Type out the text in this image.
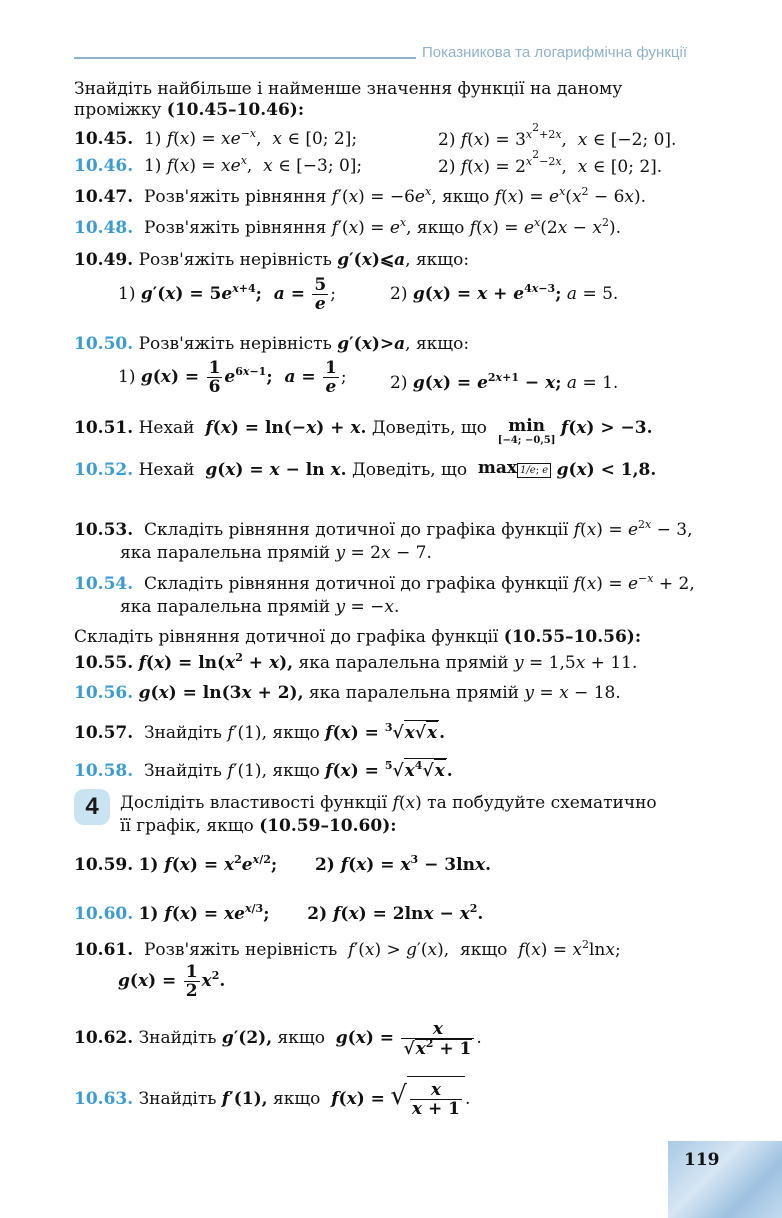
Показникова та логарифмічна функції
Знайдіть найбільше і найменше значення функції на даному проміжку (10.45–10.46):
10.45.  1) $f(x) = xe^{-x}$,  x ∈ [0; 2];	2) $f(x) = 3^{x^2+2x}$,  x ∈ [−2; 0].
10.46.  1) $f(x) = xe^x$,  x ∈ [−3; 0];	2) $f(x) = 2^{x^2-2x}$,  x ∈ [0; 2].
10.47. Розв'яжіть рівняння $f'(x) = -6e^x$, якщо $f(x) = e^x(x^2 - 6x)$.
10.48. Розв'яжіть рівняння $f'(x) = e^x$, якщо $f(x) = e^x(2x - x^2)$.
10.49. Розв'яжіть нерівність g′(x)⩽a, якщо:
1) $g'(x) = 5e^{x+4}$;  $a = \frac{5}{e}$ ;	2) $g(x) = x + e^{4x-3}$; a = 5.
10.50. Розв'яжіть нерівність g′(x)>a, якщо:
1) $g(x) = \frac{1}{6} e^{6x-1}$;  $a = \frac{1}{e}$ ;	2) $g(x) = e^{2x+1} - x$; a = 1.
10.51. Нехай f(x) = ln(−x) + x. Доведіть, що min
[−4; −0,5]
f(x) > −3.
10.52. Нехай g(x) = x − ln x. Доведіть, що max 1/e; e g(x) < 1,8.
10.53. Складіть рівняння дотичної до графіка функції $f(x) = e^{2x} - 3$,
яка паралельна прямій y = 2x − 7.
10.54. Складіть рівняння дотичної до графіка функції $f(x) = e^{-x} + 2$,
яка паралельна прямій y = −x.
Складіть рівняння дотичної до графіка функції (10.55–10.56):
10.55. $f(x) = \ln(x^2 + x)$, яка паралельна прямій y = 1,5x + 11.
10.56. g(x) = ln(3x + 2), яка паралельна прямій y = x − 18.
10.57. Знайдіть f′(1), якщо f(x) = $^3$√x√x .
10.58. Знайдіть f′(1), якщо $f(x) = ^5√x^4√x$ .
4	Дослідіть властивості функції f(x) та побудуйте схематично
її графік, якщо (10.59–10.60):
10.59. 1) $f(x) = x^2e^{x/2}$; 2) $f(x) = x^3 - 3\ln x$.
10.60. 1) $f(x) = xe^{x/3}$; 2) $f(x) = 2\ln x - x^2$.
10.61. Розв'яжіть нерівність f′(x) > g′(x),  якщо $f(x) = x^2\ln x$;
$g(x) = \frac{1}{2} x^2$.
10.62. Знайдіть g′(2), якщо $g(x) = \frac{x}{√x^2 + 1}$ .
10.63. Знайдіть f′(1), якщо f(x) = √ $\frac{x}{x + 1}$ .
119
